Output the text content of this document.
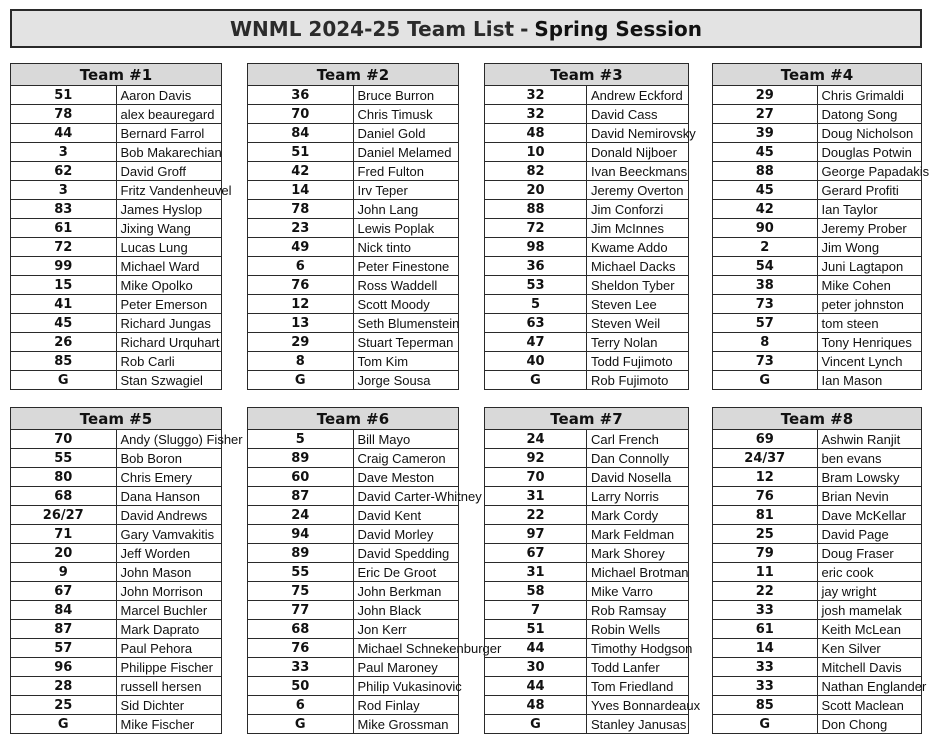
WNML 2024-25 Team List - Spring Session
Team #1	
51	Aaron Davis
78	alex beauregard
44	Bernard Farrol
3	Bob Makarechian
62	David Groff
3	Fritz Vandenheuvel
83	James Hyslop
61	Jixing Wang
72	Lucas Lung
99	Michael Ward
15	Mike Opolko
41	Peter Emerson
45	Richard Jungas
26	Richard Urquhart
85	Rob Carli
G	Stan Szwagiel
Team #2	
36	Bruce Burron
70	Chris Timusk
84	Daniel Gold
51	Daniel Melamed
42	Fred Fulton
14	Irv Teper
78	John Lang
23	Lewis Poplak
49	Nick tinto
6	Peter Finestone
76	Ross Waddell
12	Scott Moody
13	Seth Blumenstein
29	Stuart Teperman
8	Tom Kim
G	Jorge Sousa
Team #3	
32	Andrew Eckford
32	David Cass
48	David Nemirovsky
10	Donald Nijboer
82	Ivan Beeckmans
20	Jeremy Overton
88	Jim Conforzi
72	Jim McInnes
98	Kwame Addo
36	Michael Dacks
53	Sheldon Tyber
5	Steven Lee
63	Steven Weil
47	Terry Nolan
40	Todd Fujimoto
G	Rob Fujimoto
Team #4	
29	Chris Grimaldi
27	Datong Song
39	Doug Nicholson
45	Douglas Potwin
88	George Papadakis
45	Gerard Profiti
42	Ian Taylor
90	Jeremy Prober
2	Jim Wong
54	Juni Lagtapon
38	Mike Cohen
73	peter johnston
57	tom steen
8	Tony Henriques
73	Vincent Lynch
G	Ian Mason
Team #5	
70	Andy (Sluggo) Fisher
55	Bob Boron
80	Chris Emery
68	Dana Hanson
26/27	David Andrews
71	Gary Vamvakitis
20	Jeff Worden
9	John Mason
67	John Morrison
84	Marcel Buchler
87	Mark Daprato
57	Paul Pehora
96	Philippe Fischer
28	russell hersen
25	Sid Dichter
G	Mike Fischer
Team #6	
5	Bill Mayo
89	Craig Cameron
60	Dave Meston
87	David Carter-Whitney
24	David Kent
94	David Morley
89	David Spedding
55	Eric De Groot
75	John Berkman
77	John Black
68	Jon Kerr
76	Michael Schnekenburger
33	Paul Maroney
50	Philip Vukasinovic
6	Rod Finlay
G	Mike Grossman
Team #7	
24	Carl French
92	Dan Connolly
70	David Nosella
31	Larry Norris
22	Mark Cordy
97	Mark Feldman
67	Mark Shorey
31	Michael Brotman
58	Mike Varro
7	Rob Ramsay
51	Robin Wells
44	Timothy Hodgson
30	Todd Lanfer
44	Tom Friedland
48	Yves Bonnardeaux
G	Stanley Janusas
Team #8	
69	Ashwin Ranjit
24/37	ben evans
12	Bram Lowsky
76	Brian Nevin
81	Dave McKellar
25	David Page
79	Doug Fraser
11	eric cook
22	jay wright
33	josh mamelak
61	Keith McLean
14	Ken Silver
33	Mitchell Davis
33	Nathan Englander
85	Scott Maclean
G	Don Chong
